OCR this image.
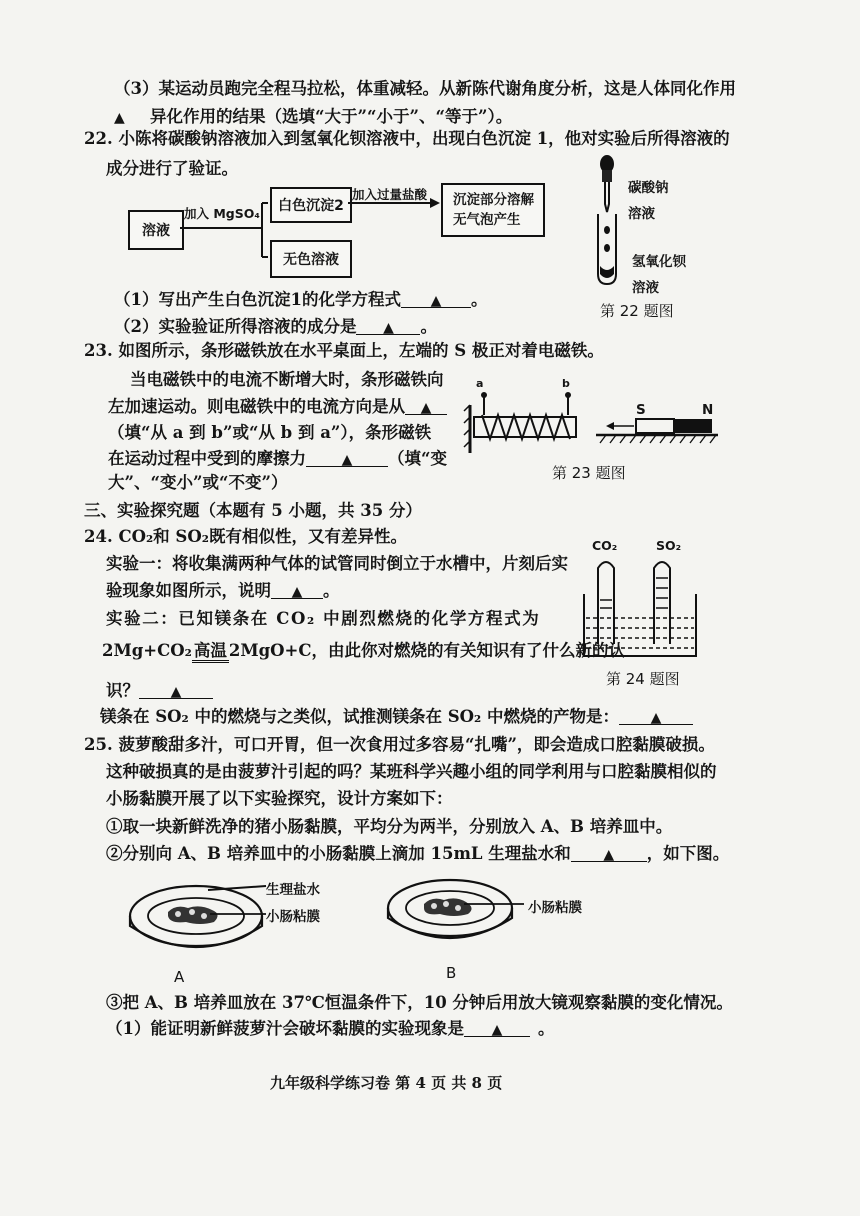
（3）某运动员跑完全程马拉松，体重减轻。从新陈代谢角度分析，这是人体同化作用
▲ 异化作用的结果（选填“大于”“小于”、“等于”）。
22. 小陈将碳酸钠溶液加入到氢氧化钡溶液中，出现白色沉淀 1，他对实验后所得溶液的
成分进行了验证。
溶液
加入 MgSO₄	白色沉淀2
无色溶液
加入过量盐酸 沉淀部分溶解
无气泡产生
碳酸钠
溶液
氢氧化钡
溶液
第 22 题图
（1）写出产生白色沉淀1的化学方程式 ▲ 。
（2）实验验证所得溶液的成分是 ▲ 。
23. 如图所示，条形磁铁放在水平桌面上，左端的 S 极正对着电磁铁。
当电磁铁中的电流不断增大时，条形磁铁向
左加速运动。则电磁铁中的电流方向是从 ▲
（填“从 a 到 b”或“从 b 到 a”），条形磁铁
在运动过程中受到的摩擦力	▲ （填“变
大”、“变小”或“不变”）
a	b
S	N
第 23 题图
三、实验探究题（本题有 5 小题，共 35 分）
24. CO₂和 SO₂既有相似性，又有差异性。
实验一：将收集满两种气体的试管同时倒立于水槽中，片刻后实
验现象如图所示，说明 ▲ 。
实验二：已知镁条在 CO₂ 中剧烈燃烧的化学方程式为
2Mg+CO₂ 高温 2MgO+C，由此你对燃烧的有关知识有了什么新的认
识？ ▲
镁条在 SO₂ 中的燃烧与之类似，试推测镁条在 SO₂ 中燃烧的产物是： ▲
CO₂	SO₂
第 24 题图
25. 菠萝酸甜多汁，可口开胃，但一次食用过多容易“扎嘴”，即会造成口腔黏膜破损。
这种破损真的是由菠萝汁引起的吗？某班科学兴趣小组的同学利用与口腔黏膜相似的
小肠黏膜开展了以下实验探究，设计方案如下：
①取一块新鲜洗净的猪小肠黏膜，平均分为两半，分别放入 A、B 培养皿中。
②分别向 A、B 培养皿中的小肠黏膜上滴加 15mL 生理盐水和 ▲ ，如下图。
生理盐水
小肠粘膜
A
小肠粘膜
B
③把 A、B 培养皿放在 37℃恒温条件下，10 分钟后用放大镜观察黏膜的变化情况。
（1）能证明新鲜菠萝汁会破坏黏膜的实验现象是 ▲ 。
九年级科学练习卷 第 4 页 共 8 页
